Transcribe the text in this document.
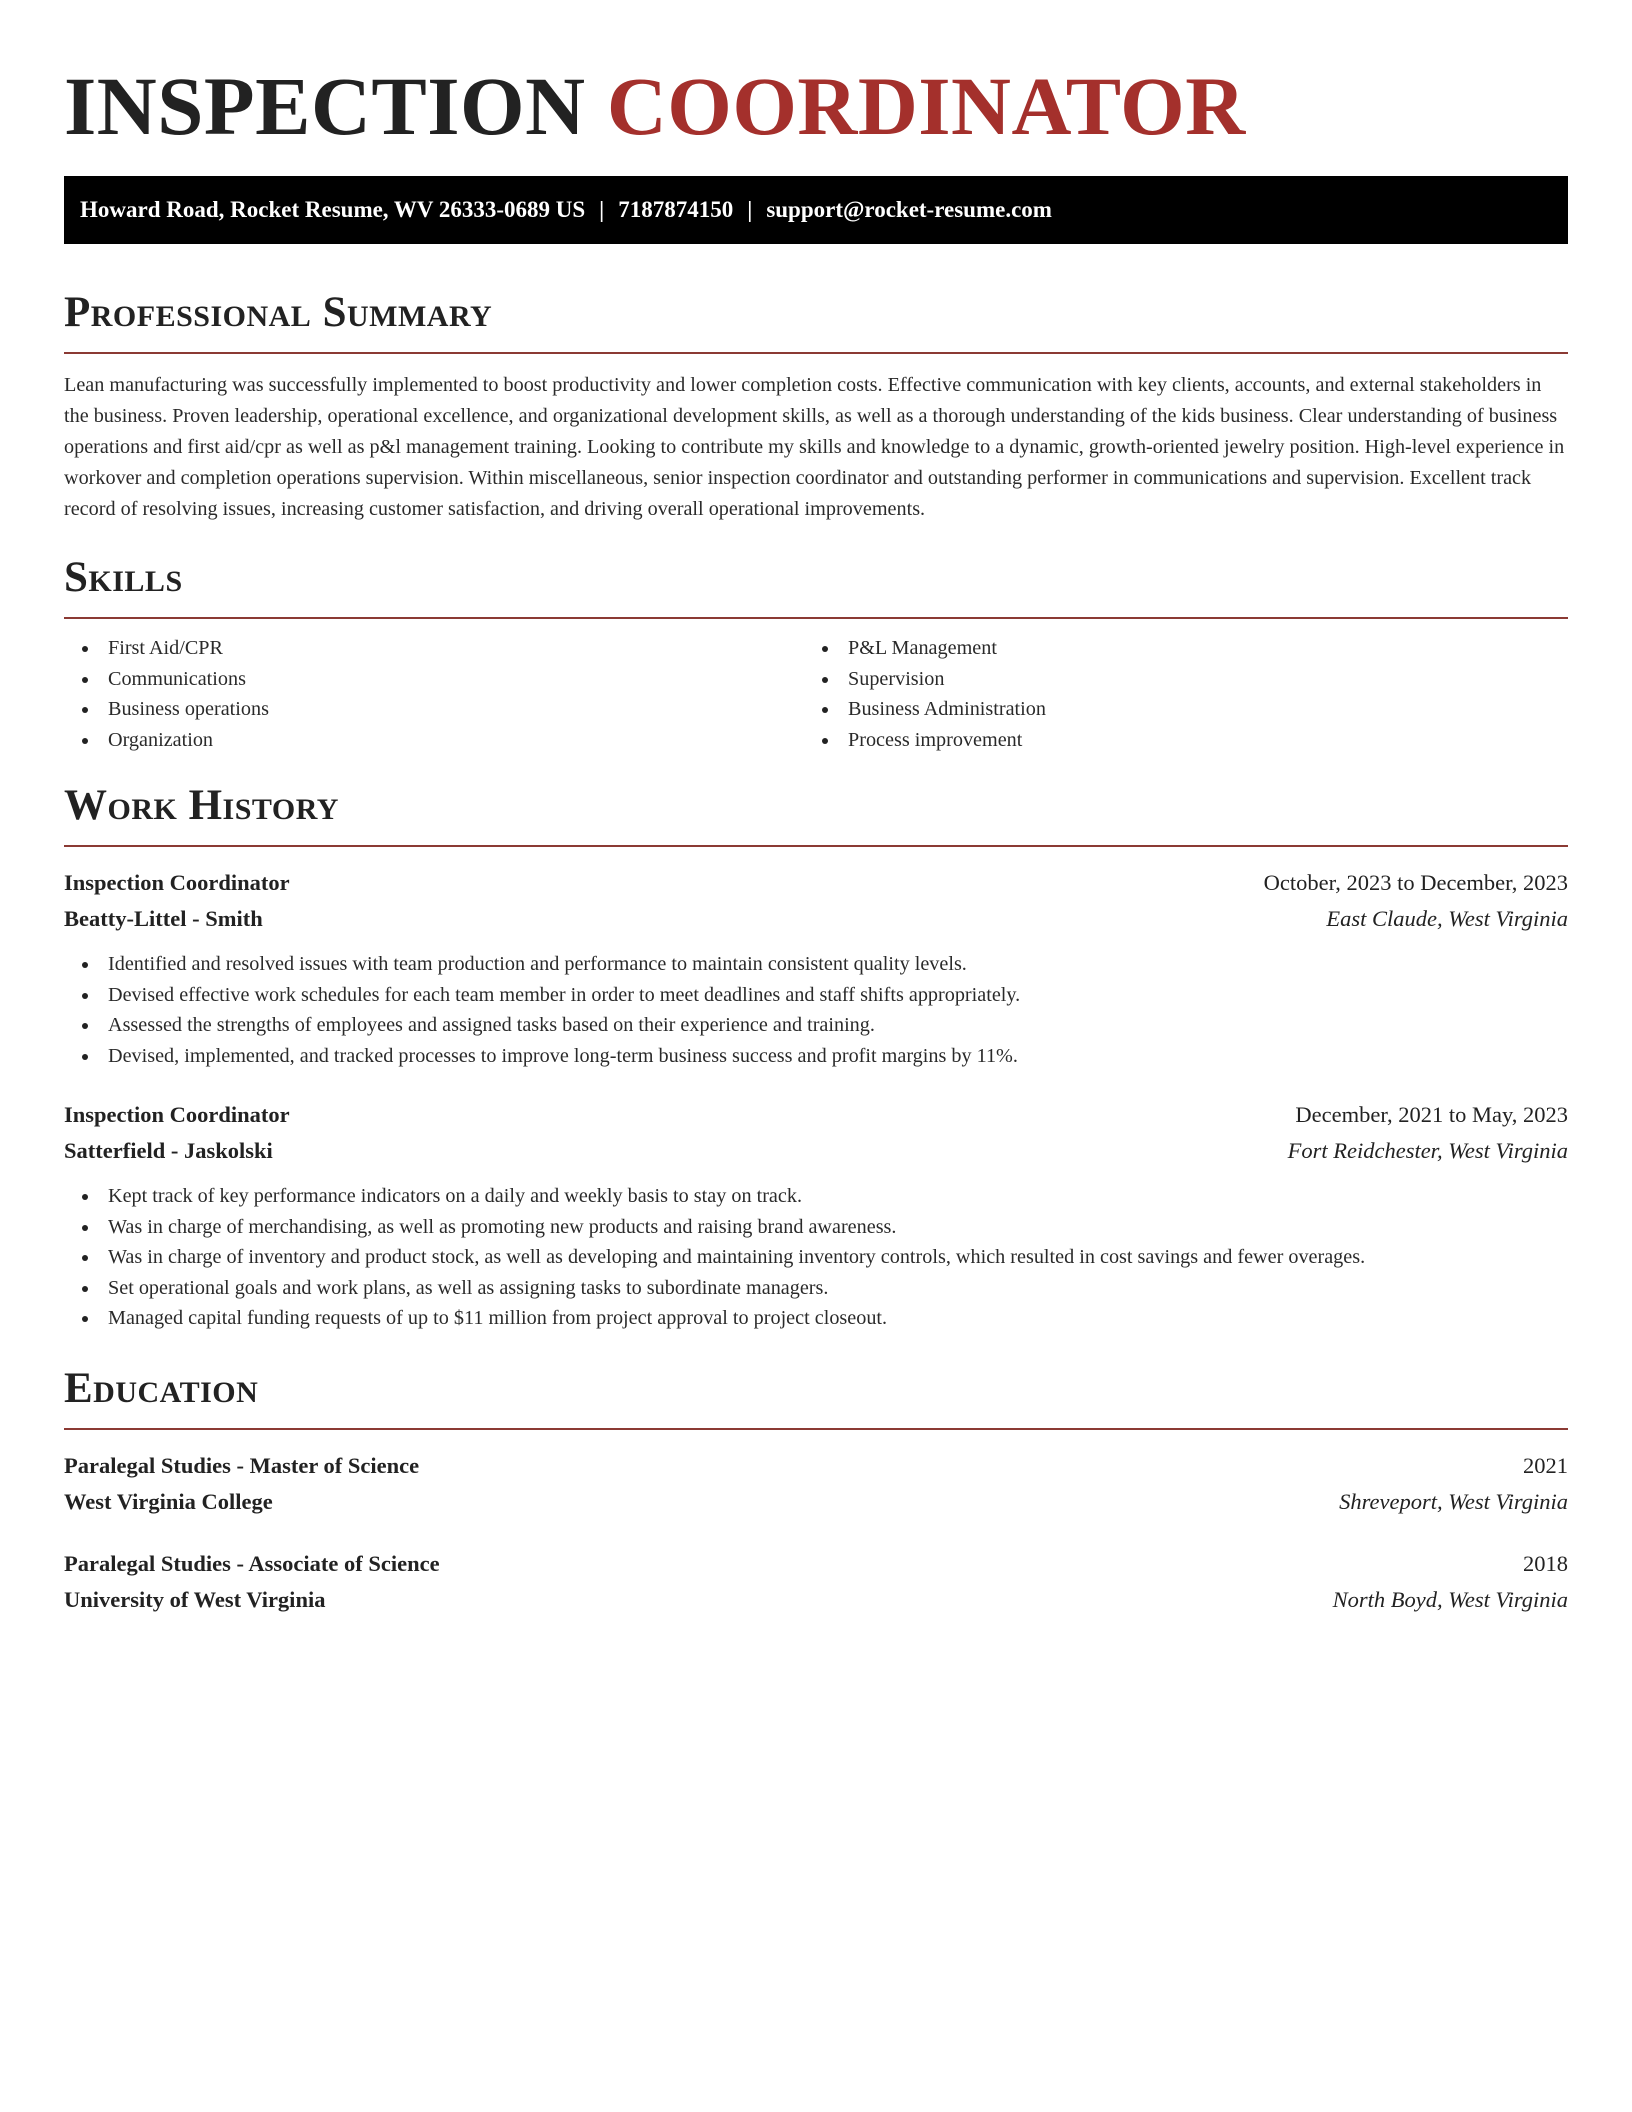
INSPECTION COORDINATOR
Howard Road, Rocket Resume, WV 26333-0689 US | 7187874150 | support@rocket-resume.com
Professional Summary

Lean manufacturing was successfully implemented to boost productivity and lower completion costs. Effective communication with key clients, accounts, and external stakeholders in the business. Proven leadership, operational excellence, and organizational development skills, as well as a thorough understanding of the kids business. Clear understanding of business operations and first aid/cpr as well as p&l management training. Looking to contribute my skills and knowledge to a dynamic, growth-oriented jewelry position. High-level experience in workover and completion operations supervision. Within miscellaneous, senior inspection coordinator and outstanding performer in communications and supervision. Excellent track record of resolving issues, increasing customer satisfaction, and driving overall operational improvements.

Skills
First Aid/CPR
Communications
Business operations
Organization
P&L Management
Supervision
Business Administration
Process improvement
Work History
Inspection Coordinator	October, 2023 to December, 2023
Beatty-Littel - Smith	East Claude, West Virginia
Identified and resolved issues with team production and performance to maintain consistent quality levels.
Devised effective work schedules for each team member in order to meet deadlines and staff shifts appropriately.
Assessed the strengths of employees and assigned tasks based on their experience and training.
Devised, implemented, and tracked processes to improve long-term business success and profit margins by 11%.
Inspection Coordinator	December, 2021 to May, 2023
Satterfield - Jaskolski	Fort Reidchester, West Virginia
Kept track of key performance indicators on a daily and weekly basis to stay on track.
Was in charge of merchandising, as well as promoting new products and raising brand awareness.
Was in charge of inventory and product stock, as well as developing and maintaining inventory controls, which resulted in cost savings and fewer overages.
Set operational goals and work plans, as well as assigning tasks to subordinate managers.
Managed capital funding requests of up to $11 million from project approval to project closeout.
Education
Paralegal Studies - Master of Science	2021
West Virginia College	Shreveport, West Virginia
Paralegal Studies - Associate of Science	2018
University of West Virginia	North Boyd, West Virginia
